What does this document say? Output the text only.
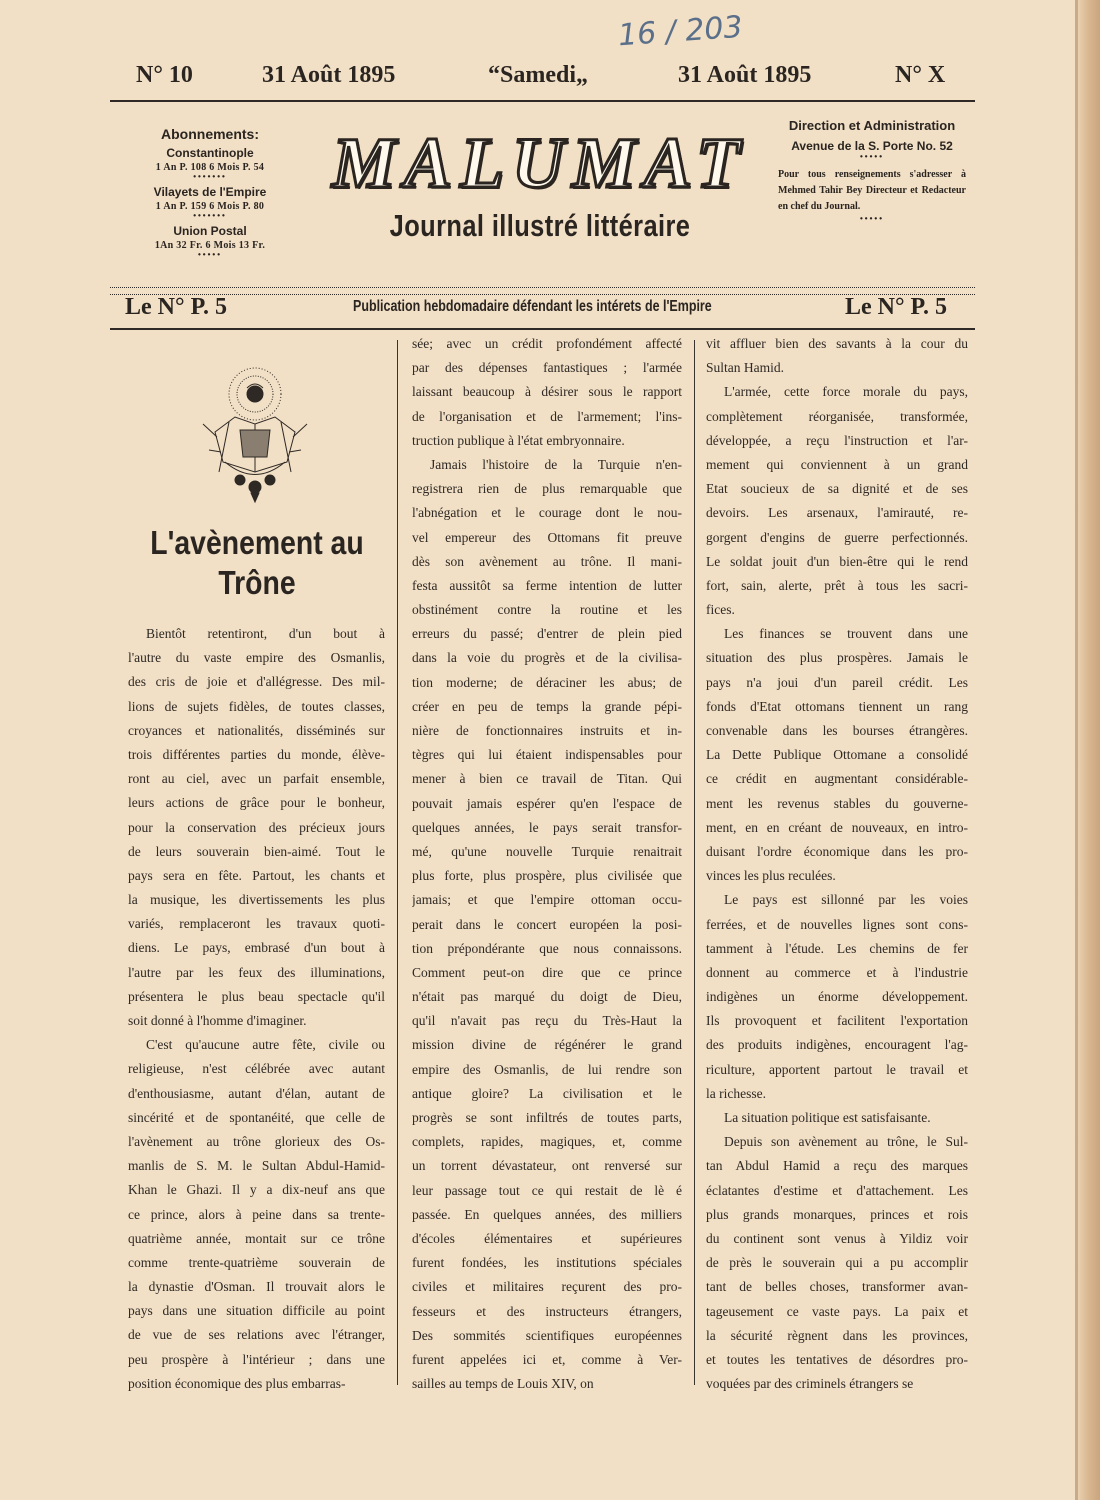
16 / 203
N° 10	31 Août 1895	“Samedi„	31 Août 1895	N° X
Abonnements:
Constantinople
1 An P. 108 6 Mois P. 54
•••••••
Vilayets de l'Empire
1 An P. 159 6 Mois P. 80
•••••••
Union Postal
1An 32 Fr. 6 Mois 13 Fr.
•••••
MALUMAT
Journal illustré littéraire
Direction et Administration
Avenue de la S. Porte No. 52
•••••
Pour tous renseignements s'adresser à Mehmed Tahir Bey Directeur et Redacteur en chef du Journal.
•••••
Le N° P. 5	Publication hebdomadaire défendant les intérets de l'Empire	Le N° P. 5
L'avènement au
Trône
Bientôt retentiront, d'un bout à
l'autre du vaste empire des Osmanlis,
des cris de joie et d'allégresse. Des mil-
lions de sujets fidèles, de toutes classes,
croyances et nationalités, disséminés sur
trois différentes parties du monde, élève-
ront au ciel, avec un parfait ensemble,
leurs actions de grâce pour le bonheur,
pour la conservation des précieux jours
de leurs souverain bien-aimé. Tout le
pays sera en fête. Partout, les chants et
la musique, les divertissements les plus
variés, remplaceront les travaux quoti-
diens. Le pays, embrasé d'un bout à
l'autre par les feux des illuminations,
présentera le plus beau spectacle qu'il
soit donné à l'homme d'imaginer.
C'est qu'aucune autre fête, civile ou
religieuse, n'est célébrée avec autant
d'enthousiasme, autant d'élan, autant de
sincérité et de spontanéité, que celle de
l'avènement au trône glorieux des Os-
manlis de S. M. le Sultan Abdul-Hamid-
Khan le Ghazi. Il y a dix-neuf ans que
ce prince, alors à peine dans sa trente-
quatrième année, montait sur ce trône
comme trente-quatrième souverain de
la dynastie d'Osman. Il trouvait alors le
pays dans une situation difficile au point
de vue de ses relations avec l'étranger,
peu prospère à l'intérieur ; dans une
position économique des plus embarras-
sée; avec un crédit profondément affecté
par des dépenses fantastiques ; l'armée
laissant beaucoup à désirer sous le rapport
de l'organisation et de l'armement; l'ins-
truction publique à l'état embryonnaire.
Jamais l'histoire de la Turquie n'en-
registrera rien de plus remarquable que
l'abnégation et le courage dont le nou-
vel empereur des Ottomans fit preuve
dès son avènement au trône. Il mani-
festa aussitôt sa ferme intention de lutter
obstinément contre la routine et les
erreurs du passé; d'entrer de plein pied
dans la voie du progrès et de la civilisa-
tion moderne; de déraciner les abus; de
créer en peu de temps la grande pépi-
nière de fonctionnaires instruits et in-
tègres qui lui étaient indispensables pour
mener à bien ce travail de Titan. Qui
pouvait jamais espérer qu'en l'espace de
quelques années, le pays serait transfor-
mé, qu'une nouvelle Turquie renaitrait
plus forte, plus prospère, plus civilisée que
jamais; et que l'empire ottoman occu-
perait dans le concert européen la posi-
tion prépondérante que nous connaissons.
Comment peut-on dire que ce prince
n'était pas marqué du doigt de Dieu,
qu'il n'avait pas reçu du Très-Haut la
mission divine de régénérer le grand
empire des Osmanlis, de lui rendre son
antique gloire? La civilisation et le
progrès se sont infiltrés de toutes parts,
complets, rapides, magiques, et, comme
un torrent dévastateur, ont renversé sur
leur passage tout ce qui restait de lè é
passée. En quelques années, des milliers
d'écoles élémentaires et supérieures
furent fondées, les institutions spéciales
civiles et militaires reçurent des pro-
fesseurs et des instructeurs étrangers,
Des sommités scientifiques européennes
furent appelées ici et, comme à Ver-
sailles au temps de Louis XIV, on
vit affluer bien des savants à la cour du
Sultan Hamid.
L'armée, cette force morale du pays,
complètement réorganisée, transformée,
développée, a reçu l'instruction et l'ar-
mement qui conviennent à un grand
Etat soucieux de sa dignité et de ses
devoirs. Les arsenaux, l'amirauté, re-
gorgent d'engins de guerre perfectionnés.
Le soldat jouit d'un bien-être qui le rend
fort, sain, alerte, prêt à tous les sacri-
fices.
Les finances se trouvent dans une
situation des plus prospères. Jamais le
pays n'a joui d'un pareil crédit. Les
fonds d'Etat ottomans tiennent un rang
convenable dans les bourses étrangères.
La Dette Publique Ottomane a consolidé
ce crédit en augmentant considérable-
ment les revenus stables du gouverne-
ment, en en créant de nouveaux, en intro-
duisant l'ordre économique dans les pro-
vinces les plus reculées.
Le pays est sillonné par les voies
ferrées, et de nouvelles lignes sont cons-
tamment à l'étude. Les chemins de fer
donnent au commerce et à l'industrie
indigènes un énorme développement.
Ils provoquent et facilitent l'exportation
des produits indigènes, encouragent l'ag-
riculture, apportent partout le travail et
la richesse.
La situation politique est satisfaisante.
Depuis son avènement au trône, le Sul-
tan Abdul Hamid a reçu des marques
éclatantes d'estime et d'attachement. Les
plus grands monarques, princes et rois
du continent sont venus à Yildiz voir
de près le souverain qui a pu accomplir
tant de belles choses, transformer avan-
tageusement ce vaste pays. La paix et
la sécurité règnent dans les provinces,
et toutes les tentatives de désordres pro-
voquées par des criminels étrangers se
